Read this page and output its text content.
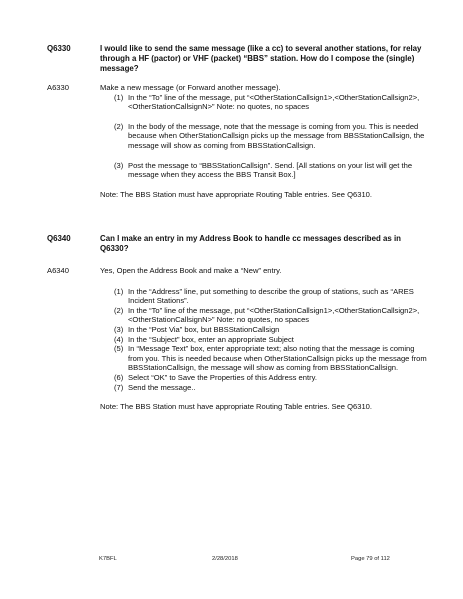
Q6330	I would like to send the same message (like a cc) to several another stations, for relay through a HF (pactor) or VHF (packet) “BBS” station. How do I compose the (single) message?
A6330	Make a new message (or Forward another message).
(1) In the “To” line of the message, put “<OtherStationCallsign1>,<OtherStationCallsign2>,<OtherStationCallsignN>” Note: no quotes, no spaces
(2) In the body of the message, note that the message is coming from you. This is needed because when OtherStationCallsign picks up the message from BBSStationCallsign, the message will show as coming from BBSStationCallsign.
(3) Post the message to “BBSStationCallsign”. Send. [All stations on your list will get the message when they access the BBS Transit Box.]
Note: The BBS Station must have appropriate Routing Table entries. See Q6310.
Q6340	Can I make an entry in my Address Book to handle cc messages described as in Q6330?
A6340	Yes, Open the Address Book and make a “New” entry.
(1) In the “Address” line, put something to describe the group of stations, such as “ARES Incident Stations”.
(2) In the “To” line of the message, put “<OtherStationCallsign1>,<OtherStationCallsign2>,<OtherStationCallsignN>” Note: no quotes, no spaces
(3) In the “Post Via” box, but BBSStationCallsign
(4) In the “Subject” box, enter an appropriate Subject
(5) In “Message Text” box, enter appropriate text; also noting that the message is coming from you. This is needed because when OtherStationCallsign picks up the message from BBSStationCallsign, the message will show as coming from BBSStationCallsign.
(6) Select “OK” to Save the Properties of this Address entry.
(7) Send the message..
Note: The BBS Station must have appropriate Routing Table entries. See Q6310.
K7BFL	2/28/2018	Page 79 of 112
